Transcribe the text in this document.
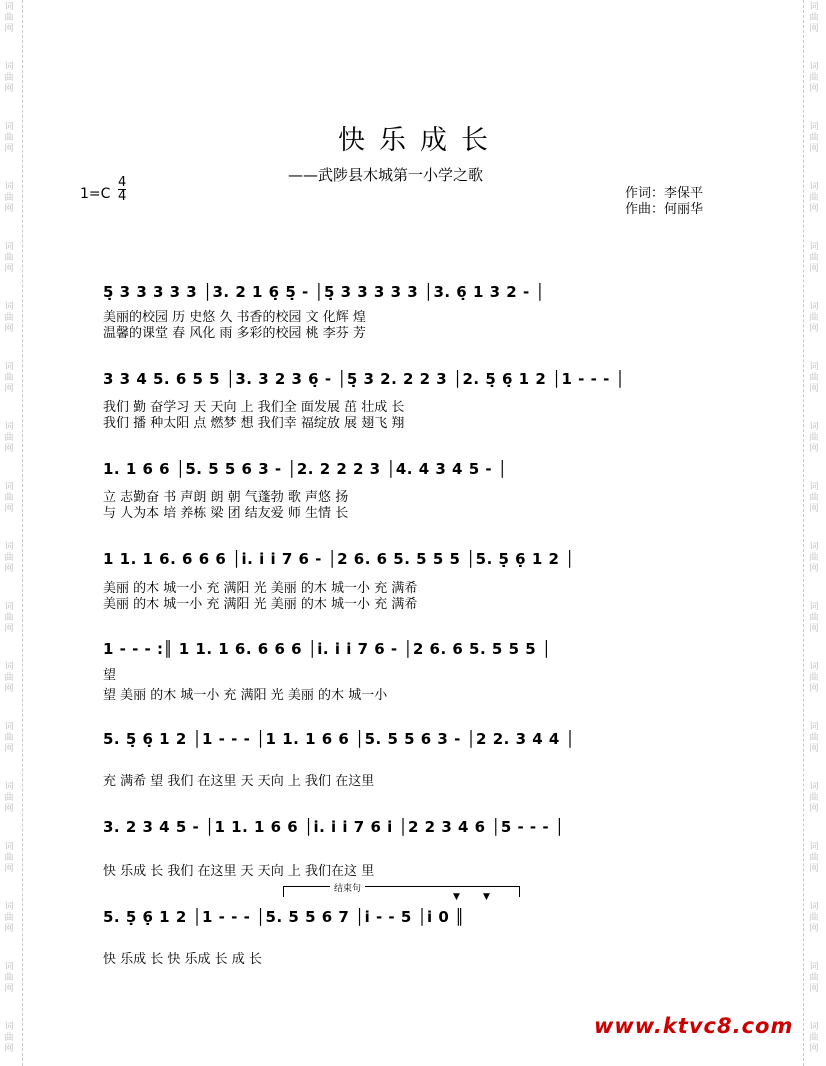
词
曲
网
词
曲
网
词
曲
网
词
曲
网
词
曲
网
词
曲
网
词
曲
网
词
曲
网
词
曲
网
词
曲
网
词
曲
网
词
曲
网
词
曲
网
词
曲
网
词
曲
网
词
曲
网
词
曲
网
词
曲
网
词
曲
网
词
曲
网
词
曲
网
词
曲
网
词
曲
网
词
曲
网
词
曲
网
词
曲
网
词
曲
网
词
曲
网
词
曲
网
词
曲
网
词
曲
网
词
曲
网
词
曲
网
词
曲
网
词
曲
网
词
曲
网
快乐成长
——武陟县木城第一小学之歌
$1=C \frac{4}{4}$	作词：李保平
作曲：何丽华
5̣ 3 3 3 3 3 │3. 2 1 6̣ 5̣ - │5̣ 3 3 3 3 3 │3. 6̣ 1 3 2 - │
美丽的校园 历 史悠 久 书香的校园 文 化辉 煌
温馨的课堂 春 风化 雨 多彩的校园 桃 李芬 芳
3 3 4 5. 6 5 5 │3. 3 2 3 6̣ - │5̣ 3 2. 2 2 3 │2. 5̣ 6̣ 1 2 │1 - - - │
我们 勤 奋学习 天 天向 上 我们全 面发展 茁 壮成 长
我们 播 种太阳 点 燃梦 想 我们幸 福绽放 展 翅飞 翔
1. 1 6 6 │5. 5 5 6 3 - │2. 2 2 2 3 │4. 4 3 4 5 - │
立 志勤奋 书 声朗 朗 朝 气蓬勃 歌 声悠 扬
与 人为本 培 养栋 梁 团 结友爱 师 生情 长
1 1. 1 6. 6 6 6 │i. i i 7 6 - │2 6. 6 5. 5 5 5 │5. 5̣ 6̣ 1 2 │
美丽 的木 城一小 充 满阳 光 美丽 的木 城一小 充 满希
美丽 的木 城一小 充 满阳 光 美丽 的木 城一小 充 满希
1 - - - :║ 1 1. 1 6. 6 6 6 │i. i i 7 6 - │2 6. 6 5. 5 5 5 │
望
望 美丽 的木 城一小 充 满阳 光 美丽 的木 城一小
5. 5̣ 6̣ 1 2 │1 - - - │1 1. 1 6 6 │5. 5 5 6 3 - │2 2. 3 4 4 │
充 满希 望 我们 在这里 天 天向 上 我们 在这里
3. 2 3 4 5 - │1 1. 1 6 6 │i. i i 7 6 i │2 2 3 4 6 │5 - - - │
快 乐成 长 我们 在这里 天 天向 上 我们在这 里
5. 5̣ 6̣ 1 2 │1 - - - │5. 5 5 6 7 │i - - 5 │i 0 ║
快 乐成 长 快 乐成 长 成 长
结束句
▼	▼
www.ktvc8.com
